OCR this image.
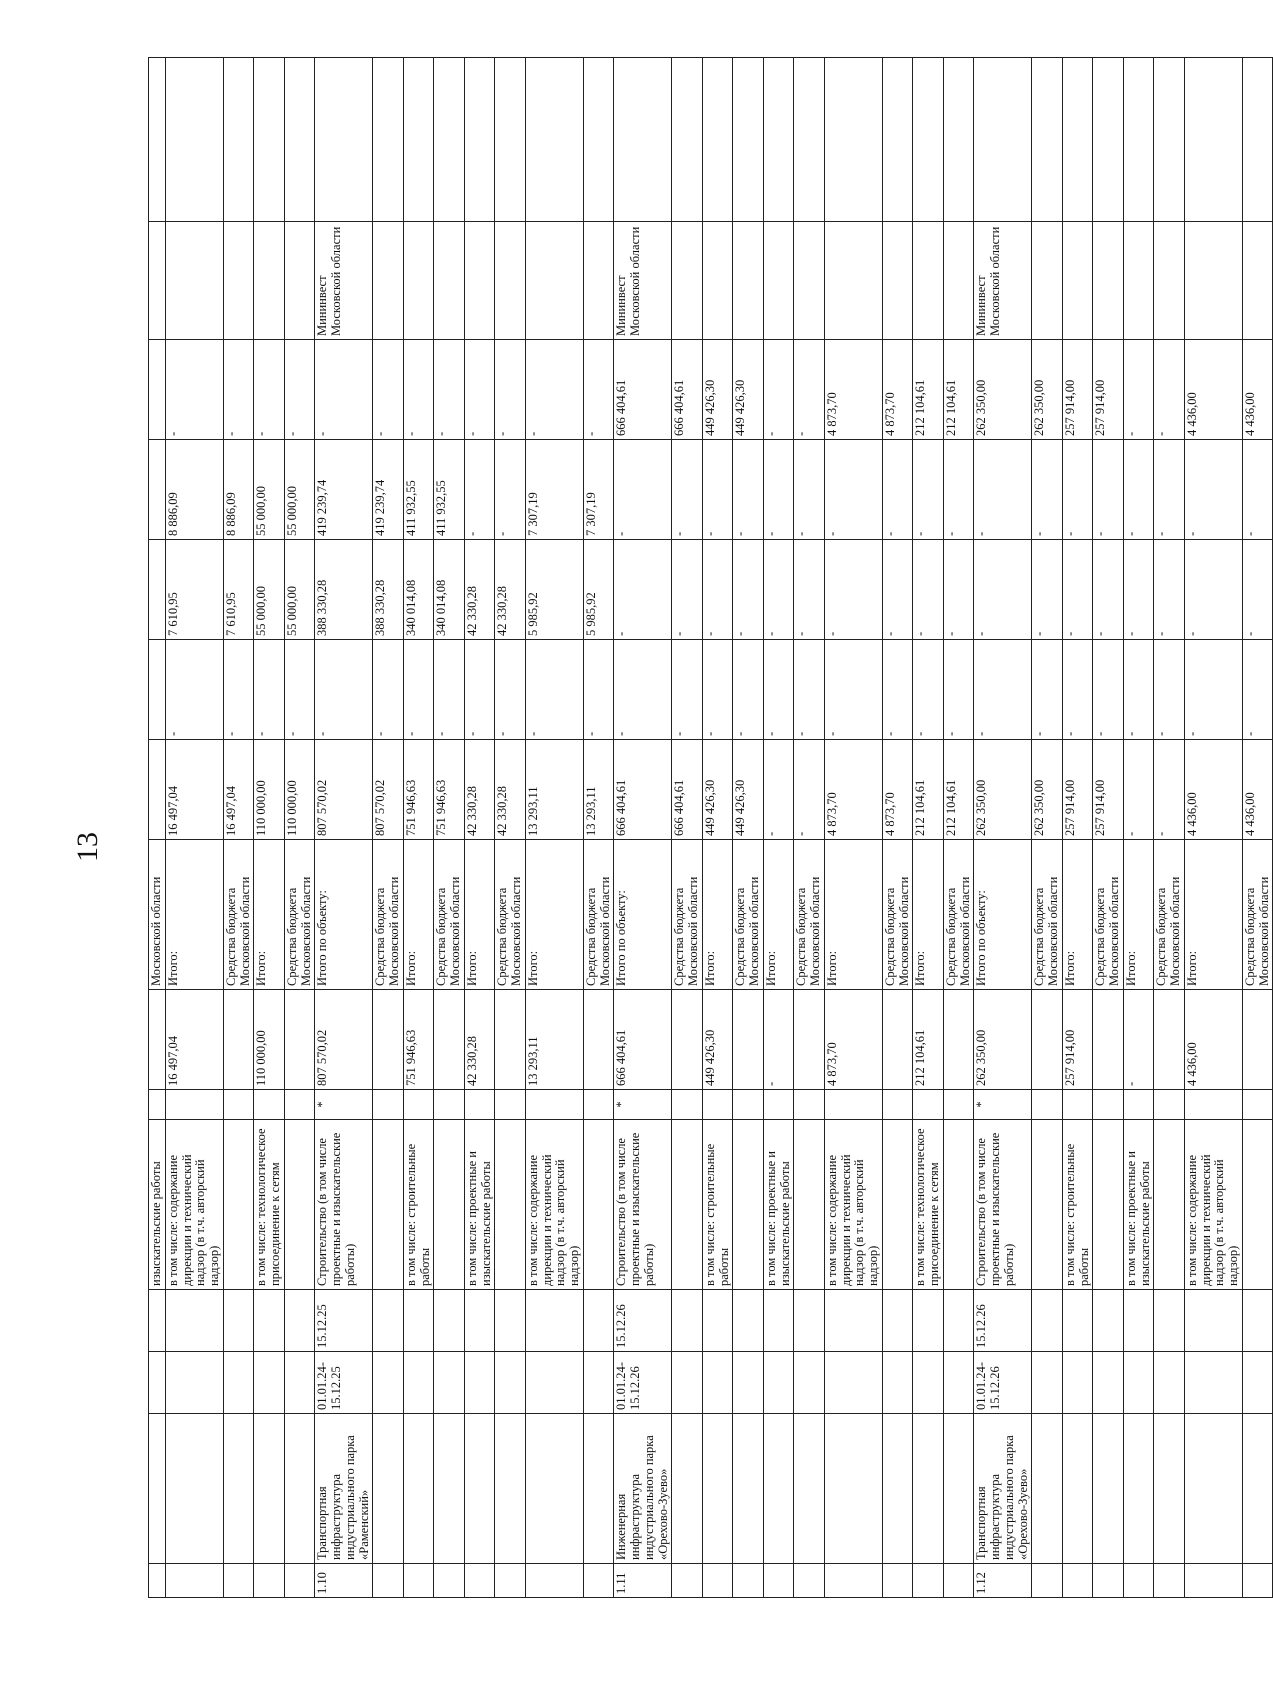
13
				изыскательские работы			Московской области							
				в том числе: содержание дирекции и технический надзор (в т.ч. авторский надзор)		16 497,04	Итого:	16 497,04	-	7 610,95	8 886,09	-		
							Средства бюджета Московской области	16 497,04	-	7 610,95	8 886,09	-		
				в том числе: технологическое присоединение к сетям		110 000,00	Итого:	110 000,00	-	55 000,00	55 000,00	-		
							Средства бюджета Московской области	110 000,00	-	55 000,00	55 000,00	-		
1.10	Транспортная инфраструктура индустриального парка «Раменский»	01.01.24-15.12.25	15.12.25	Строительство (в том числе проектные и изыскательские работы)	*	807 570,02	Итого по объекту:	807 570,02	-	388 330,28	419 239,74	-	Мининвест Московской области	
							Средства бюджета Московской области	807 570,02	-	388 330,28	419 239,74	-		
				в том числе: строительные работы		751 946,63	Итого:	751 946,63	-	340 014,08	411 932,55	-		
							Средства бюджета Московской области	751 946,63	-	340 014,08	411 932,55	-		
				в том числе: проектные и изыскательские работы		42 330,28	Итого:	42 330,28	-	42 330,28	-	-		
							Средства бюджета Московской области	42 330,28	-	42 330,28	-	-		
				в том числе: содержание дирекции и технический надзор (в т.ч. авторский надзор)		13 293,11	Итого:	13 293,11	-	5 985,92	7 307,19	-		
							Средства бюджета Московской области	13 293,11	-	5 985,92	7 307,19	-		
1.11	Инженерная инфраструктура индустриального парка «Орехово-Зуево»	01.01.24-15.12.26	15.12.26	Строительство (в том числе проектные и изыскательские работы)	*	666 404,61	Итого по объекту:	666 404,61	-	-	-	666 404,61	Мининвест Московской области	
							Средства бюджета Московской области	666 404,61	-	-	-	666 404,61		
				в том числе: строительные работы		449 426,30	Итого:	449 426,30	-	-	-	449 426,30		
							Средства бюджета Московской области	449 426,30	-	-	-	449 426,30		
				в том числе: проектные и изыскательские работы		-	Итого:	-	-	-	-	-		
							Средства бюджета Московской области	-	-	-	-	-		
				в том числе: содержание дирекции и технический надзор (в т.ч. авторский надзор)		4 873,70	Итого:	4 873,70	-	-	-	4 873,70		
							Средства бюджета Московской области	4 873,70	-	-	-	4 873,70		
				в том числе: технологическое присоединение к сетям		212 104,61	Итого:	212 104,61	-	-	-	212 104,61		
							Средства бюджета Московской области	212 104,61	-	-	-	212 104,61		
1.12	Транспортная инфраструктура индустриального парка «Орехово-Зуево»	01.01.24-15.12.26	15.12.26	Строительство (в том числе проектные и изыскательские работы)	*	262 350,00	Итого по объекту:	262 350,00	-	-	-	262 350,00	Мининвест Московской области	
							Средства бюджета Московской области	262 350,00	-	-	-	262 350,00		
				в том числе: строительные работы		257 914,00	Итого:	257 914,00	-	-	-	257 914,00		
							Средства бюджета Московской области	257 914,00	-	-	-	257 914,00		
				в том числе: проектные и изыскательские работы		-	Итого:	-	-	-	-	-		
							Средства бюджета Московской области	-	-	-	-	-		
				в том числе: содержание дирекции и технический надзор (в т.ч. авторский надзор)		4 436,00	Итого:	4 436,00	-	-	-	4 436,00		
							Средства бюджета Московской области	4 436,00	-	-	-	4 436,00		
